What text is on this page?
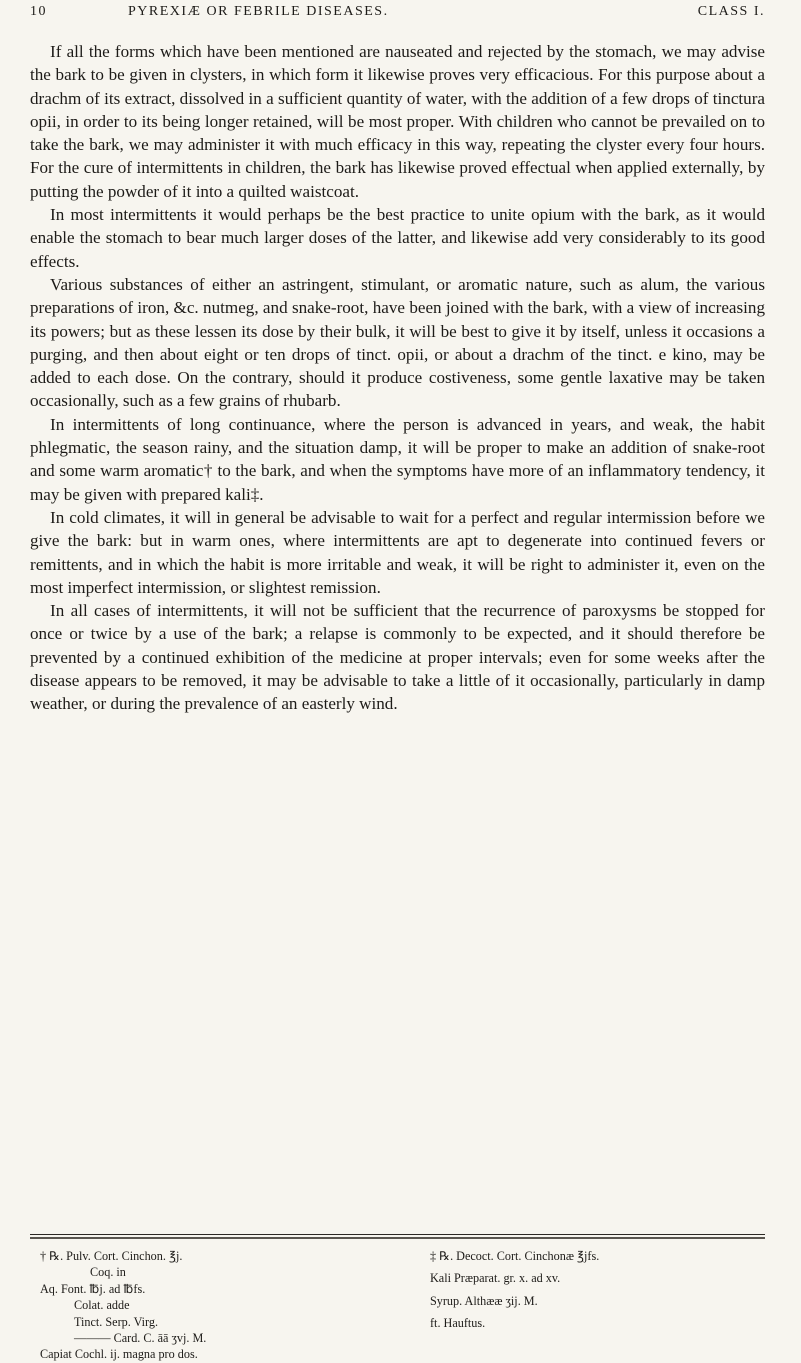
10	PYREXIÆ OR FEBRILE DISEASES.	CLASS I.

If all the forms which have been mentioned are nauseated and rejected by the stomach, we may advise the bark to be given in clysters, in which form it likewise proves very efficacious. For this purpose about a drachm of its extract, dissolved in a sufficient quantity of water, with the addition of a few drops of tinctura opii, in order to its being longer retained, will be most proper. With children who cannot be prevailed on to take the bark, we may administer it with much efficacy in this way, repeating the clyster every four hours. For the cure of intermittents in children, the bark has likewise proved effectual when applied externally, by putting the powder of it into a quilted waistcoat.

In most intermittents it would perhaps be the best practice to unite opium with the bark, as it would enable the stomach to bear much larger doses of the latter, and likewise add very considerably to its good effects.

Various substances of either an astringent, stimulant, or aromatic nature, such as alum, the various preparations of iron, &c. nutmeg, and snake-root, have been joined with the bark, with a view of increasing its powers; but as these lessen its dose by their bulk, it will be best to give it by itself, unless it occasions a purging, and then about eight or ten drops of tinct. opii, or about a drachm of the tinct. e kino, may be added to each dose. On the contrary, should it produce costiveness, some gentle laxative may be taken occasionally, such as a few grains of rhubarb.

In intermittents of long continuance, where the person is advanced in years, and weak, the habit phlegmatic, the season rainy, and the situation damp, it will be proper to make an addition of snake-root and some warm aromatic† to the bark, and when the symptoms have more of an inflammatory tendency, it may be given with prepared kali‡.

In cold climates, it will in general be advisable to wait for a perfect and regular intermission before we give the bark: but in warm ones, where intermittents are apt to degenerate into continued fevers or remittents, and in which the habit is more irritable and weak, it will be right to administer it, even on the most imperfect intermission, or slightest remission.

In all cases of intermittents, it will not be sufficient that the recurrence of paroxysms be stopped for once or twice by a use of the bark; a relapse is commonly to be expected, and it should therefore be prevented by a continued exhibition of the medicine at proper intervals; even for some weeks after the disease appears to be removed, it may be advisable to take a little of it occasionally, particularly in damp weather, or during the prevalence of an easterly wind.

† ℞. Pulv. Cort. Cinchon. ℥j.
Coq. in
Aq. Font. ℔j. ad ℔fs.
Colat. adde
Tinct. Serp. Virg.
——— Card. C. āā ʒvj. M.
Capiat Cochl. ij. magna pro dos.
‡ ℞. Decoct. Cort. Cinchonæ ℥jfs.
Kali Præparat. gr. x. ad xv.
Syrup. Althææ ʒij. M.
ft. Hauftus.
